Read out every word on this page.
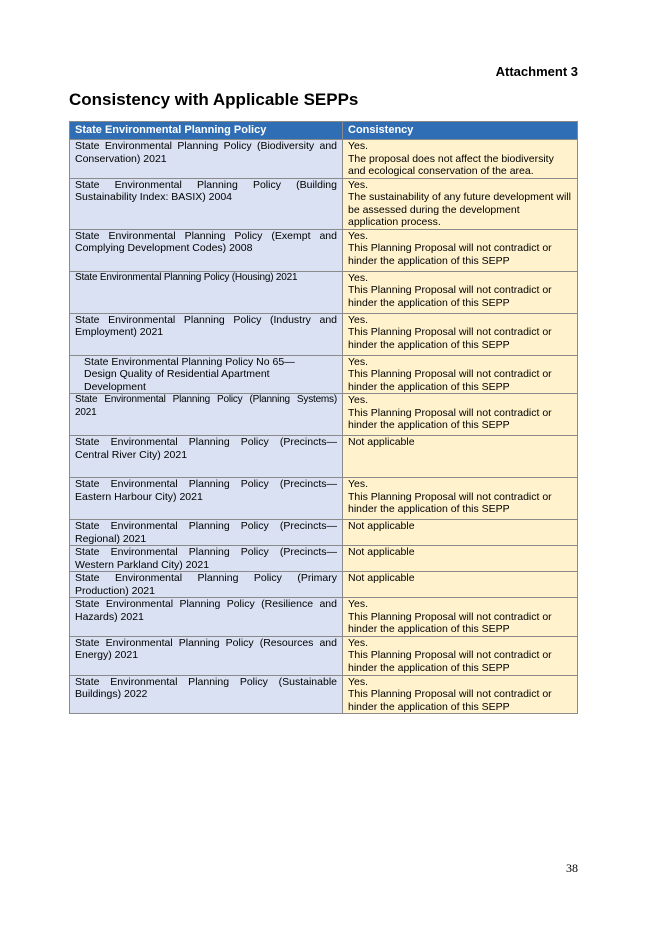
Attachment 3
Consistency with Applicable SEPPs
State Environmental Planning Policy	Consistency
State Environmental Planning Policy (Biodiversity and Conservation) 2021	Yes.
The proposal does not affect the biodiversity and ecological conservation of the area.

State Environmental Planning Policy (Building Sustainability Index: BASIX) 2004	Yes.
The sustainability of any future development will be assessed during the development application process.

State Environmental Planning Policy (Exempt and Complying Development Codes) 2008	Yes.
This Planning Proposal will not contradict or hinder the application of this SEPP

State Environmental Planning Policy (Housing) 2021	Yes.
This Planning Proposal will not contradict or hinder the application of this SEPP

State Environmental Planning Policy (Industry and Employment) 2021	Yes.
This Planning Proposal will not contradict or hinder the application of this SEPP

State Environmental Planning Policy No 65— Design Quality of Residential Apartment Development	Yes.
This Planning Proposal will not contradict or hinder the application of this SEPP

State Environmental Planning Policy (Planning Systems) 2021	Yes.
This Planning Proposal will not contradict or hinder the application of this SEPP

State Environmental Planning Policy (Precincts—Central River City) 2021	Not applicable

State Environmental Planning Policy (Precincts—Eastern Harbour City) 2021	Yes.
This Planning Proposal will not contradict or hinder the application of this SEPP

State Environmental Planning Policy (Precincts—Regional) 2021	Not applicable

State Environmental Planning Policy (Precincts—Western Parkland City) 2021	Not applicable

State Environmental Planning Policy (Primary Production) 2021	Not applicable

State Environmental Planning Policy (Resilience and Hazards) 2021	Yes.
This Planning Proposal will not contradict or hinder the application of this SEPP

State Environmental Planning Policy (Resources and Energy) 2021	Yes.
This Planning Proposal will not contradict or hinder the application of this SEPP

State Environmental Planning Policy (Sustainable Buildings) 2022	Yes.
This Planning Proposal will not contradict or hinder the application of this SEPP
38
